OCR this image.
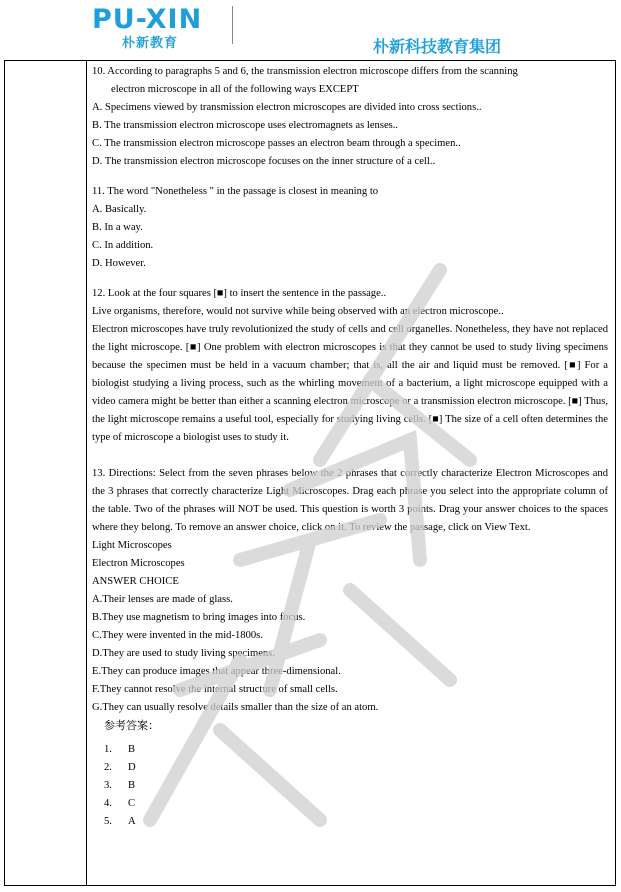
PU-XIN
朴新教育	朴新科技教育集团

10. According to paragraphs 5 and 6, the transmission electron microscope differs from the scanning

electron microscope in all of the following ways EXCEPT

A. Specimens viewed by transmission electron microscopes are divided into cross sections..

B. The transmission electron microscope uses electromagnets as lenses..

C. The transmission electron microscope passes an electron beam through a specimen..

D. The transmission electron microscope focuses on the inner structure of a cell..

11. The word "Nonetheless " in the passage is closest in meaning to

A. Basically.

B. In a way.

C. In addition.

D. However.

12. Look at the four squares [■] to insert the sentence in the passage..

Live organisms, therefore, would not survive while being observed with an electron microscope..

Electron microscopes have truly revolutionized the study of cells and cell organelles. Nonetheless, they have not replaced the light microscope. [■] One problem with electron microscopes is that they cannot be used to study living specimens because the specimen must be held in a vacuum chamber; that is, all the air and liquid must be removed. [■] For a biologist studying a living process, such as the whirling movement of a bacterium, a light microscope equipped with a video camera might be better than either a scanning electron microscope or a transmission electron microscope. [■] Thus, the light microscope remains a useful tool, especially for studying living cells. [■] The size of a cell often determines the type of microscope a biologist uses to study it.

13. Directions: Select from the seven phrases below the 2 phrases that correctly characterize Electron Microscopes and the 3 phrases that correctly characterize Light Microscopes. Drag each phrase you select into the appropriate column of the table. Two of the phrases will NOT be used. This question is worth 3 points. Drag your answer choices to the spaces where they belong. To remove an answer choice, click on it. To review the passage, click on View Text.

Light Microscopes

Electron Microscopes

ANSWER CHOICE

A.Their lenses are made of glass.

B.They use magnetism to bring images into focus.

C.They were invented in the mid-1800s.

D.They are used to study living specimens.

E.They can produce images that appear three-dimensional.

F.They cannot resolve the internal structure of small cells.

G.They can usually resolve details smaller than the size of an atom.

参考答案：

1.	B
2.	D
3.	B
4.	C
5.	A
